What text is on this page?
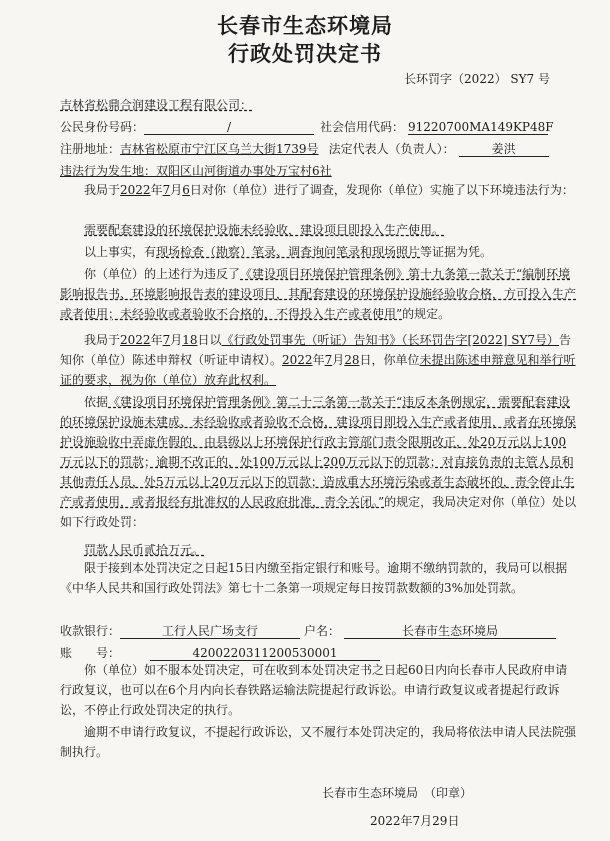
长春市生态环境局
行政处罚决定书
长环罚字（2022） SY7 号
吉林省松鼎合润建设工程有限公司：
公民身份号码：	/	社会信用代码： 91220700MA149KP48F
注册地址：吉林省松原市宁江区乌兰大街1739号 法定代表人（负责人）：	姜洪
违法行为发生地：双阳区山河街道办事处万宝村6社
我局于2022年7月6日对你（单位）进行了调查，发现你（单位）实施了以下环境违法行为：
需要配套建设的环境保护设施未经验收，建设项目即投入生产使用。
以上事实，有现场检查（勘察）笔录、调查询问笔录和现场照片等证据为凭。
你（单位）的上述行为违反了《建设项目环境保护管理条例》第十九条第一款关于“编制环境影响报告书、环境影响报告表的建设项目，其配套建设的环境保护设施经验收合格，方可投入生产或者使用；未经验收或者验收不合格的，不得投入生产或者使用”的规定。
我局于2022年7月18日以《行政处罚事先（听证）告知书》（长环罚告字[2022] SY7号）告知你（单位）陈述申辩权（听证申请权）。2022年7月28日，你单位未提出陈述申辩意见和举行听证的要求，视为你（单位）放弃此权利。
依据《建设项目环境保护管理条例》第二十三条第一款关于“违反本条例规定，需要配套建设的环境保护设施未建成、未经验收或者验收不合格，建设项目即投入生产或者使用，或者在环境保护设施验收中弄虚作假的，由县级以上环境保护行政主管部门责令限期改正，处20万元以上100万元以下的罚款；逾期不改正的，处100万元以上200万元以下的罚款；对直接负责的主管人员和其他责任人员，处5万元以上20万元以下的罚款；造成重大环境污染或者生态破坏的，责令停止生产或者使用，或者报经有批准权的人民政府批准，责令关闭。”的规定，我局决定对你（单位）处以如下行政处罚：
罚款人民币贰拾万元。
限于接到本处罚决定之日起15日内缴至指定银行和账号。逾期不缴纳罚款的，我局可以根据《中华人民共和国行政处罚法》第七十二条第一项规定每日按罚款数额的3%加处罚款。
收款银行：	工行人民广场支行	户名：	长春市生态环境局
账　　号：	4200220311200530001
你（单位）如不服本处罚决定，可在收到本处罚决定书之日起60日内向长春市人民政府申请行政复议，也可以在6个月内向长春铁路运输法院提起行政诉讼。申请行政复议或者提起行政诉讼，不停止行政处罚决定的执行。
逾期不申请行政复议，不提起行政诉讼，又不履行本处罚决定的，我局将依法申请人民法院强制执行。
长春市生态环境局　（印章）
2022年7月29日
